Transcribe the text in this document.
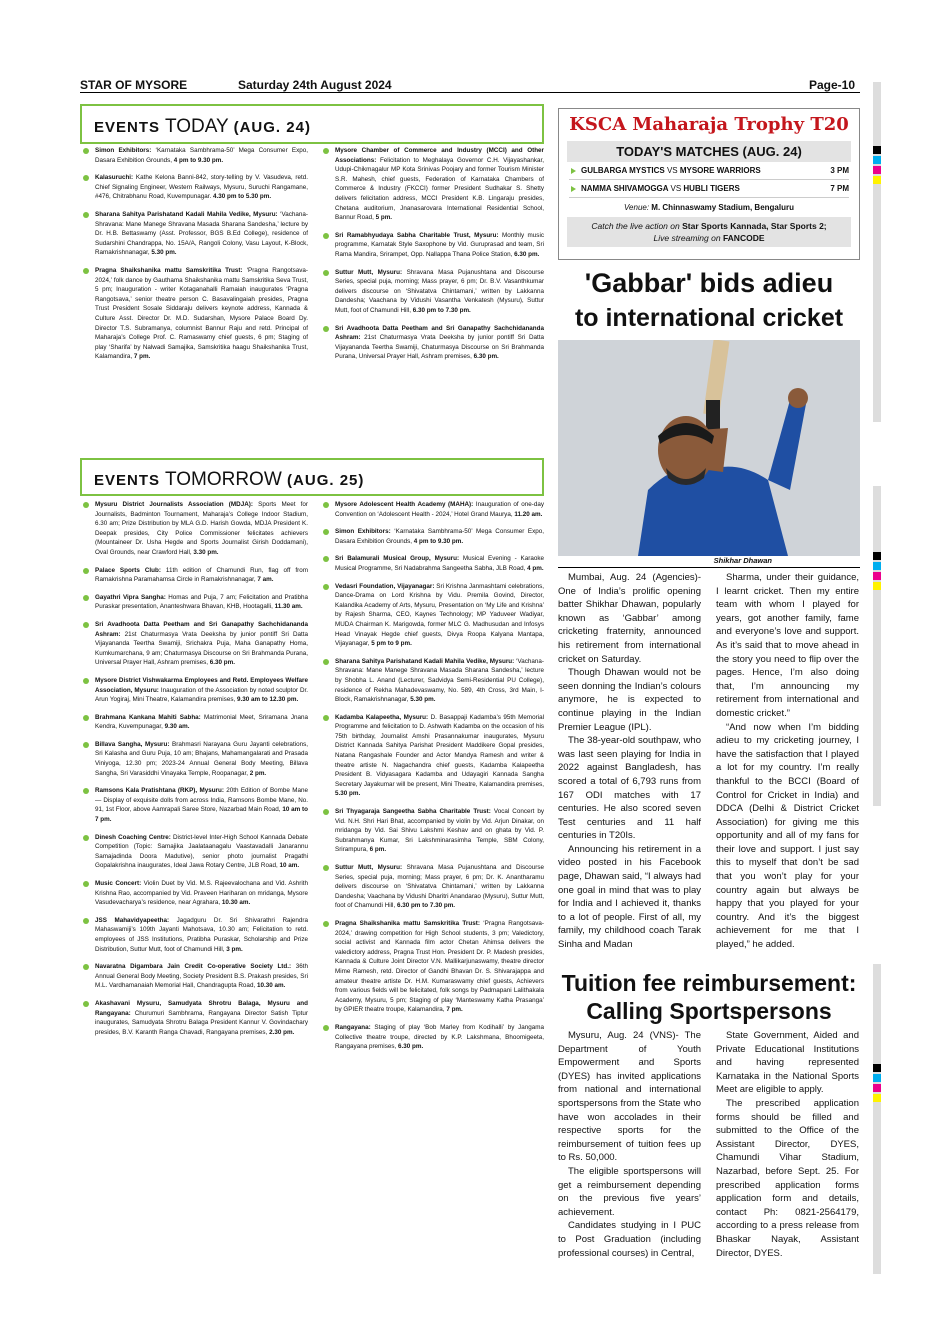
STAR OF MYSORE	Saturday 24th August 2024	Page-10
EVENTS TODAY (AUG. 24)
Simon Exhibitors: ‘Karnataka Sambhrama-50’ Mega Consumer Expo, Dasara Exhibition Grounds, 4 pm to 9.30 pm.
Kalasuruchi: Kathe Kelona Banni-842, story-telling by V. Vasudeva, retd. Chief Signaling Engineer, Western Railways, Mysuru, Suruchi Rangamane, #476, Chitrabhanu Road, Kuvempunagar. 4.30 pm to 5.30 pm.
Sharana Sahitya Parishatand Kadali Mahila Vedike, Mysuru: ‘Vachana-Shravana: Mane Manege Shravana Masada Sharana Sandesha,’ lecture by Dr. H.B. Bettaswamy (Asst. Professor, BGS B.Ed College), residence of Sudarshini Chandrappa, No. 15A/A, Rangoli Colony, Vasu Layout, K-Block, Ramakrishnanagar, 5.30 pm.
Pragna Shaikshanika mattu Samskritika Trust: ‘Pragna Rangotsava-2024,’ folk dance by Gauthama Shaikshanika mattu Samskritika Seva Trust, 5 pm; Inauguration - writer Kotaganahalli Ramaiah inaugurates ‘Pragna Rangotsava,’ senior theatre person C. Basavalingaiah presides, Pragna Trust President Sosale Siddaraju delivers keynote address, Kannada & Culture Asst. Director Dr. M.D. Sudarshan, Mysore Palace Board Dy. Director T.S. Subramanya, columnist Bannur Raju and retd. Principal of Maharaja’s College Prof. C. Ramaswamy chief guests, 6 pm; Staging of play ‘Sharifa’ by Nalwadi Samajika, Samskritika haagu Shaikshanika Trust, Kalamandira, 7 pm.
Mysore Chamber of Commerce and Industry (MCCI) and Other Associations: Felicitation to Meghalaya Governor C.H. Vijayashankar, Udupi-Chikmagalur MP Kota Srinivas Poojary and former Tourism Minister S.R. Mahesh, chief guests, Federation of Karnataka Chambers of Commerce & Industry (FKCCI) former President Sudhakar S. Shetty delivers felicitation address, MCCI President K.B. Lingaraju presides, Chetana auditorium, Jnanasarovara International Residential School, Bannur Road, 5 pm.
Sri Ramabhyudaya Sabha Charitable Trust, Mysuru: Monthly music programme, Karnatak Style Saxophone by Vid. Guruprasad and team, Sri Rama Mandira, Srirampet, Opp. Nallappa Thana Police Station, 6.30 pm.
Suttur Mutt, Mysuru: Shravana Masa Pujanushtana and Discourse Series, special puja, morning; Mass prayer, 6 pm; Dr. B.V. Vasanthkumar delivers discourse on ‘Shivatatva Chintamani,’ written by Lakkanna Dandesha; Vaachana by Vidushi Vasantha Venkatesh (Mysuru), Suttur Mutt, foot of Chamundi Hill, 6.30 pm to 7.30 pm.
Sri Avadhoota Datta Peetham and Sri Ganapathy Sachchidananda Ashram: 21st Chaturmasya Vrata Deeksha by junior pontiff Sri Datta Vijayananda Teertha Swamiji, Chaturmasya Discourse on Sri Brahmanda Purana, Universal Prayer Hall, Ashram premises, 6.30 pm.
EVENTS TOMORROW (AUG. 25)
Mysuru District Journalists Association (MDJA): Sports Meet for Journalists, Badminton Tournament, Maharaja’s College Indoor Stadium, 6.30 am; Prize Distribution by MLA G.D. Harish Gowda, MDJA President K. Deepak presides, City Police Commissioner felicitates achievers (Mountaineer Dr. Usha Hegde and Sports Journalist Girish Doddamani), Oval Grounds, near Crawford Hall, 3.30 pm.
Palace Sports Club: 11th edition of Chamundi Run, flag off from Ramakrishna Paramahamsa Circle in Ramakrishnanagar, 7 am.
Gayathri Vipra Sangha: Homas and Puja, 7 am; Felicitation and Pratibha Puraskar presentation, Ananteshwara Bhavan, KHB, Hootagalli, 11.30 am.
Sri Avadhoota Datta Peetham and Sri Ganapathy Sachchidananda Ashram: 21st Chaturmasya Vrata Deeksha by junior pontiff Sri Datta Vijayananda Teertha Swamiji, Srichakra Puja, Maha Ganapathy Homa, Kumkumarchana, 9 am; Chaturmasya Discourse on Sri Brahmanda Purana, Universal Prayer Hall, Ashram premises, 6.30 pm.
Mysore District Vishwakarma Employees and Retd. Employees Welfare Association, Mysuru: Inauguration of the Association by noted sculptor Dr. Arun Yogiraj, Mini Theatre, Kalamandira premises, 9.30 am to 12.30 pm.
Brahmana Kankana Mahiti Sabha: Matrimonial Meet, Sriramana Jnana Kendra, Kuvempunagar, 9.30 am.
Billava Sangha, Mysuru: Brahmasri Narayana Guru Jayanti celebrations, Sri Kalasha and Guru Puja, 10 am; Bhajans, Mahamangalarati and Prasada Viniyoga, 12.30 pm; 2023-24 Annual General Body Meeting, Billava Sangha, Sri Varasiddhi Vinayaka Temple, Roopanagar, 2 pm.
Ramsons Kala Pratishtana (RKP), Mysuru: 20th Edition of Bombe Mane — Display of exquisite dolls from across India, Ramsons Bombe Mane, No. 91, 1st Floor, above Aamrapali Saree Store, Nazarbad Main Road, 10 am to 7 pm.
Dinesh Coaching Centre: District-level Inter-High School Kannada Debate Competition (Topic: Samajika Jaalataanagalu Vaastavadalli Janarannu Samajadinda Doora Madutive), senior photo journalist Pragathi Gopalakrishna inaugurates, Ideal Jawa Rotary Centre, JLB Road, 10 am.
Music Concert: Violin Duet by Vid. M.S. Rajeevalochana and Vid. Ashrith Krishna Rao, accompanied by Vid. Praveen Hariharan on mridanga, Mysore Vasudevacharya’s residence, near Agrahara, 10.30 am.
JSS Mahavidyapeetha: Jagadguru Dr. Sri Shivarathri Rajendra Mahaswamiji’s 109th Jayanti Mahotsava, 10.30 am; Felicitation to retd. employees of JSS Institutions, Pratibha Puraskar, Scholarship and Prize Distribution, Suttur Mutt, foot of Chamundi Hill, 3 pm.
Navaratna Digambara Jain Credit Co-operative Society Ltd.: 36th Annual General Body Meeting, Society President B.S. Prakash presides, Sri M.L. Vardhamanaiah Memorial Hall, Chandragupta Road, 10.30 am.
Akashavani Mysuru, Samudyata Shrotru Balaga, Mysuru and Rangayana: Churumuri Sambhrama, Rangayana Director Satish Tiptur inaugurates, Samudyata Shrotru Balaga President Kannur V. Govindachary presides, B.V. Karanth Ranga Chavadi, Rangayana premises, 2.30 pm.
Mysore Adolescent Health Academy (MAHA): Inauguration of one-day Convention on ‘Adolescent Health - 2024,’ Hotel Grand Maurya, 11.20 am.
Simon Exhibitors: ‘Karnataka Sambhrama-50’ Mega Consumer Expo, Dasara Exhibition Grounds, 4 pm to 9.30 pm.
Sri Balamurali Musical Group, Mysuru: Musical Evening - Karaoke Musical Programme, Sri Nadabrahma Sangeetha Sabha, JLB Road, 4 pm.
Vedasri Foundation, Vijayanagar: Sri Krishna Janmashtami celebrations, Dance-Drama on Lord Krishna by Vidu. Premila Govind, Director, Kalandika Academy of Arts, Mysuru, Presentation on ‘My Life and Krishna’ by Rajesh Sharma, CEO, Kaynes Technology; MP Yaduveer Wadiyar, MUDA Chairman K. Marigowda, former MLC G. Madhusudan and Infosys Head Vinayak Hegde chief guests, Divya Roopa Kalyana Mantapa, Vijayanagar, 5 pm to 9 pm.
Sharana Sahitya Parishatand Kadali Mahila Vedike, Mysuru: ‘Vachana-Shravana: Mane Manege Shravana Masada Sharana Sandesha,’ lecture by Shobha L. Anand (Lecturer, Sadvidya Semi-Residential PU College), residence of Rekha Mahadevaswamy, No. 589, 4th Cross, 3rd Main, I-Block, Ramakrishnanagar, 5.30 pm.
Kadamba Kalapeetha, Mysuru: D. Basappaji Kadamba’s 95th Memorial Programme and felicitation to D. Ashwath Kadamba on the occasion of his 75th birthday, Journalist Amshi Prasannakumar inaugurates, Mysuru District Kannada Sahitya Parishat President Maddikere Gopal presides, Natana Rangashale Founder and Actor Mandya Ramesh and writer & theatre artiste N. Nagachandra chief guests, Kadamba Kalapeetha President B. Vidyasagara Kadamba and Udayagiri Kannada Sangha Secretary Jayakumar will be present, Mini Theatre, Kalamandira premises, 5.30 pm.
Sri Thyagaraja Sangeetha Sabha Charitable Trust: Vocal Concert by Vid. N.H. Shri Hari Bhat, accompanied by violin by Vid. Arjun Dinakar, on mridanga by Vid. Sai Shivu Lakshmi Keshav and on ghata by Vid. P. Subrahmanya Kumar, Sri Lakshminarasimha Temple, SBM Colony, Srirampura, 6 pm.
Suttur Mutt, Mysuru: Shravana Masa Pujanushtana and Discourse Series, special puja, morning; Mass prayer, 6 pm; Dr. K. Anantharamu delivers discourse on ‘Shivatatva Chintamani,’ written by Lakkanna Dandesha; Vaachana by Vidushi Dharitri Anandarao (Mysuru), Suttur Mutt, foot of Chamundi Hill, 6.30 pm to 7.30 pm.
Pragna Shaikshanika mattu Samskritika Trust: ‘Pragna Rangotsava-2024,’ drawing competition for High School students, 3 pm; Valedictory, social activist and Kannada film actor Chetan Ahimsa delivers the valedictory address, Pragna Trust Hon. President Dr. P. Madesh presides, Kannada & Culture Joint Director V.N. Mallikarjunaswamy, theatre director Mime Ramesh, retd. Director of Gandhi Bhavan Dr. S. Shivarajappa and amateur theatre artiste Dr. H.M. Kumaraswamy chief guests, Achievers from various fields will be felicitated, folk songs by Padmapani Lalithakala Academy, Mysuru, 5 pm; Staging of play ‘Manteswamy Katha Prasanga’ by GPIER theatre troupe, Kalamandira, 7 pm.
Rangayana: Staging of play ‘Bob Marley from Kodihalli’ by Jangama Collective theatre troupe, directed by K.P. Lakshmana, Bhoomigeeta, Rangayana premises, 6.30 pm.
KSCA Maharaja Trophy T20
TODAY'S MATCHES (AUG. 24)
GULBARGA MYSTICS VS MYSORE WARRIORS	3 PM
NAMMA SHIVAMOGGA VS HUBLI TIGERS	7 PM
Venue: M. Chinnaswamy Stadium, Bengaluru
Catch the live action on Star Sports Kannada, Star Sports 2;
Live streaming on FANCODE
'Gabbar' bids adieu
to international cricket
Shikhar Dhawan

Mumbai, Aug. 24 (Agencies)- One of India’s prolific opening batter Shikhar Dhawan, popularly known as ‘Gabbar’ among cricketing fraternity, announced his retirement from international cricket on Saturday.

Though Dhawan would not be seen donning the Indian’s colours anymore, he is expected to continue playing in the Indian Premier League (IPL).

The 38-year-old southpaw, who was last seen playing for India in 2022 against Bangladesh, has scored a total of 6,793 runs from 167 ODI matches with 17 centuries. He also scored seven Test centuries and 11 half centuries in T20Is.

Announcing his retirement in a video posted in his Facebook page, Dhawan said, “I always had one goal in mind that was to play for India and I achieved it, thanks to a lot of people. First of all, my family, my childhood coach Tarak Sinha and Madan

Sharma, under their guidance, I learnt cricket. Then my entire team with whom I played for years, got another family, fame and everyone’s love and support. As it’s said that to move ahead in the story you need to flip over the pages. Hence, I’m also doing that, I’m announcing my retirement from international and domestic cricket.”

“And now when I’m bidding adieu to my cricketing journey, I have the satisfaction that I played a lot for my country. I’m really thankful to the BCCI (Board of Control for Cricket in India) and DDCA (Delhi & District Cricket Association) for giving me this opportunity and all of my fans for their love and support. I just say this to myself that don’t be sad that you won’t play for your country again but always be happy that you played for your country. And it’s the biggest achievement for me that I played,” he added.

Tuition fee reimbursement:
Calling Sportspersons

Mysuru, Aug. 24 (VNS)- The Department of Youth Empowerment and Sports (DYES) has invited applications from national and international sportspersons from the State who have won accolades in their respective sports for the reimbursement of tuition fees up to Rs. 50,000.

The eligible sportspersons will get a reimbursement depending on the previous five years’ achievement.

Candidates studying in I PUC to Post Graduation (including professional courses) in Central,

State Government, Aided and Private Educational Institutions and having represented Karnataka in the National Sports Meet are eligible to apply.

The prescribed application forms should be filled and submitted to the Office of the Assistant Director, DYES, Chamundi Vihar Stadium, Nazarbad, before Sept. 25. For prescribed application forms application form and details, contact Ph: 0821-2564179, according to a press release from Bhaskar Nayak, Assistant Director, DYES.
